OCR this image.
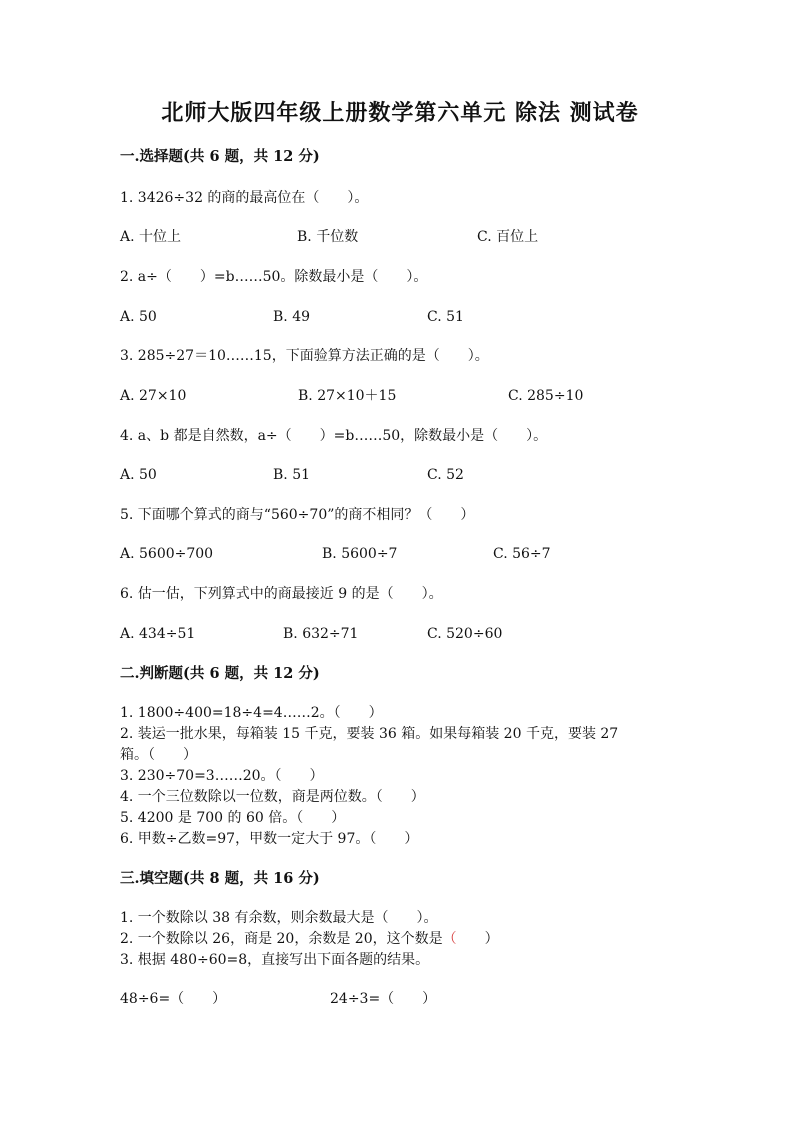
北师大版四年级上册数学第六单元 除法 测试卷
一.选择题(共 6 题，共 12 分)
1. 3426÷32 的商的最高位在（　　）。
A. 十位上	B. 千位数	C. 百位上
2. a÷（　　）=b……50。除数最小是（　　）。
A. 50	B. 49	C. 51
3. 285÷27＝10……15，下面验算方法正确的是（　　）。
A. 27×10	B. 27×10＋15	C. 285÷10
4. a、b 都是自然数，a÷（　　）=b……50，除数最小是（　　）。
A. 50	B. 51	C. 52
5. 下面哪个算式的商与“560÷70”的商不相同？（　　）
A. 5600÷700	B. 5600÷7	C. 56÷7
6. 估一估，下列算式中的商最接近 9 的是（　　）。
A. 434÷51	B. 632÷71	C. 520÷60
二.判断题(共 6 题，共 12 分)
1. 1800÷400=18÷4=4……2。（　　）
2. 装运一批水果，每箱装 15 千克，要装 36 箱。如果每箱装 20 千克，要装 27
箱。（　　）
3. 230÷70=3……20。（　　）
4. 一个三位数除以一位数，商是两位数。（　　）
5. 4200 是 700 的 60 倍。（　　）
6. 甲数÷乙数=97，甲数一定大于 97。（　　）
三.填空题(共 8 题，共 16 分)
1. 一个数除以 38 有余数，则余数最大是（　　）。
2. 一个数除以 26，商是 20，余数是 20，这个数是（　　）
3. 根据 480÷60=8，直接写出下面各题的结果。
48÷6=（　　）	24÷3=（　　）
